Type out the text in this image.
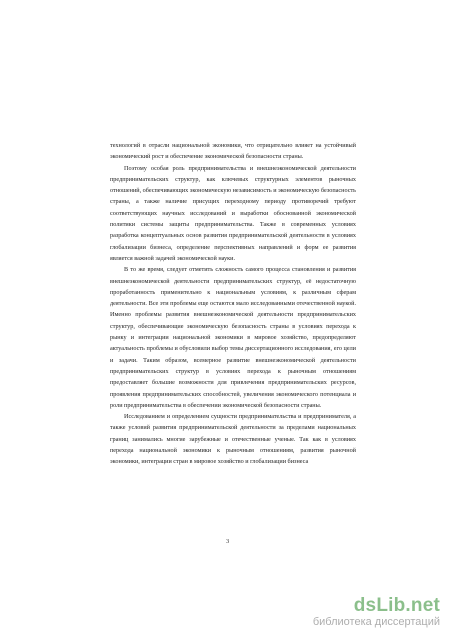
технологий в отрасли национальной экономики, что отрицательно влияет на устойчивый экономический рост и обеспечение экономической безопасности страны.

Поэтому особая роль предпринимательства и внешнеэкономической деятельности предпринимательских структур, как ключевых структурных элементов рыночных отношений, обеспечивающих экономическую независимость и экономическую безопасность страны, а также наличие присущих переходному периоду противоречий требуют соответствующих научных исследований и выработки обоснованной экономической политики системы защиты предпринимательства. Также в современных условиях разработка концептуальных основ развития предпринимательской деятельности в условиях глобализации бизнеса, определение перспективных направлений и форм ее развития является важной задачей экономической науки.

В то же время, следует отметить сложность самого процесса становления и развития внешнеэкономической деятельности предпринимательских структур, её недостаточную проработанность применительно к национальным условиям, к различным сферам деятельности. Все эти проблемы еще остаются мало исследованными отечественной наукой. Именно проблемы развития внешнеэкономической деятельности предпринимательских структур, обеспечивающие экономическую безопасность страны в условиях перехода к рынку и интеграции национальной экономики в мировое хозяйство, предопределяют актуальность проблемы и обусловили выбор темы диссертационного исследования, его цели и задачи. Таким образом, всемерное развитие внешнеэкономической деятельности предпринимательских структур в условиях перехода к рыночным отношениям предоставляет большие возможности для привлечения предпринимательских ресурсов, проявления предпринимательских способностей, увеличения экономического потенциала и роли предпринимательства в обеспечении экономической безопасности страны.

Исследованием и определением сущности предпринимательства и предпринимателя, а также условий развития предпринимательской деятельности за пределами национальных границ занимались многие зарубежные и отечественные ученые. Так как в условиях перехода национальной экономики к рыночным отношениям, развития рыночной экономики, интеграции стран в мировое хозяйство и глобализации бизнеса

3
dsLib.net
библиотека диссертаций
